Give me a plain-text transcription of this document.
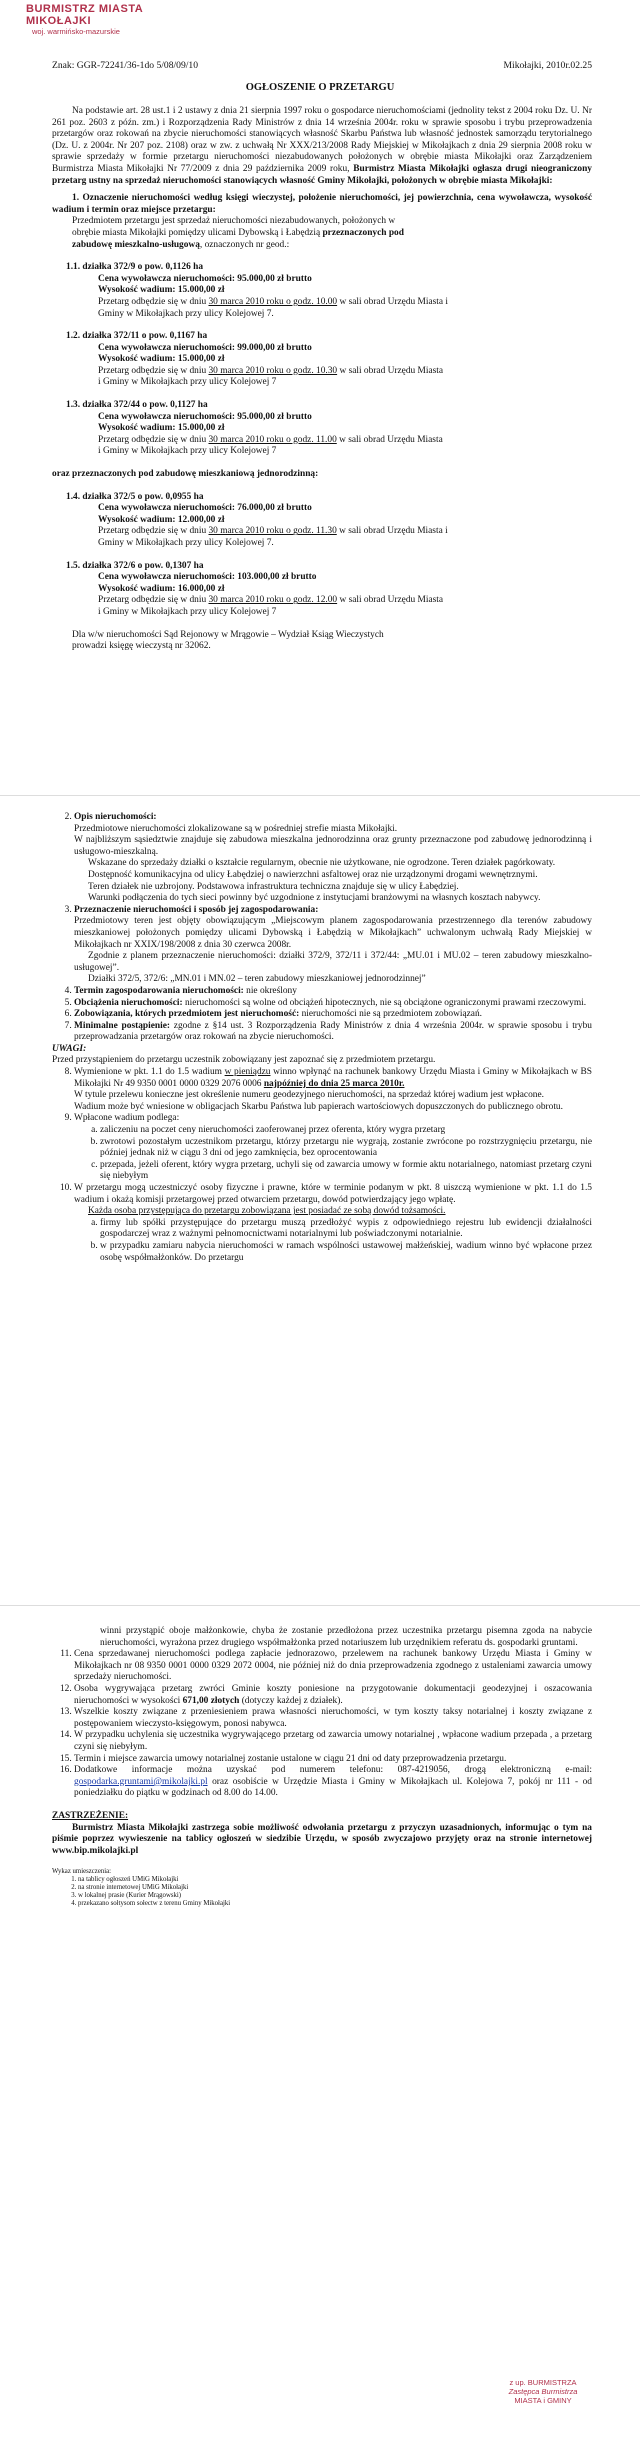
BURMISTRZ MIASTA MIKOŁAJKI
woj. warmińsko-mazurskie
Znak: GGR-72241/36-1do 5/08/09/10	Mikołajki, 2010r.02.25
OGŁOSZENIE O PRZETARGU

Na podstawie art. 28 ust.1 i 2 ustawy z dnia 21 sierpnia 1997 roku o gospodarce nieruchomościami (jednolity tekst z 2004 roku Dz. U. Nr 261 poz. 2603 z późn. zm.) i Rozporządzenia Rady Ministrów z dnia 14 września 2004r. roku w sprawie sposobu i trybu przeprowadzenia przetargów oraz rokowań na zbycie nieruchomości stanowiących własność Skarbu Państwa lub własność jednostek samorządu terytorialnego (Dz. U. z 2004r. Nr 207 poz. 2108) oraz w zw. z uchwałą Nr XXX/213/2008 Rady Miejskiej w Mikołajkach z dnia 29 sierpnia 2008 roku w sprawie sprzedaży w formie przetargu nieruchomości niezabudowanych położonych w obrębie miasta Mikołajki oraz Zarządzeniem Burmistrza Miasta Mikołajki Nr 77/2009 z dnia 29 października 2009 roku, Burmistrz Miasta Mikołajki ogłasza drugi nieograniczony przetarg ustny na sprzedaż nieruchomości stanowiących własność Gminy Mikołajki, położonych w obrębie miasta Mikołajki:

1. Oznaczenie nieruchomości według księgi wieczystej, położenie nieruchomości, jej powierzchnia, cena wywoławcza, wysokość wadium i termin oraz miejsce przetargu:

Przedmiotem przetargu jest sprzedaż nieruchomości niezabudowanych, położonych w

obrębie miasta Mikołajki pomiędzy ulicami Dybowską i Łabędzią przeznaczonych pod

zabudowę mieszkalno-usługową, oznaczonych nr geod.:

1.1. działka 372/9 o pow. 0,1126 ha

Cena wywoławcza nieruchomości: 95.000,00 zł brutto

Wysokość wadium: 15.000,00 zł

Przetarg odbędzie się w dniu 30 marca 2010 roku o godz. 10.00 w sali obrad Urzędu Miasta i

Gminy w Mikołajkach przy ulicy Kolejowej 7.

1.2. działka 372/11 o pow. 0,1167 ha

Cena wywoławcza nieruchomości: 99.000,00 zł brutto

Wysokość wadium: 15.000,00 zł

Przetarg odbędzie się w dniu 30 marca 2010 roku o godz. 10.30 w sali obrad Urzędu Miasta

i Gminy w Mikołajkach przy ulicy Kolejowej 7

1.3. działka 372/44 o pow. 0,1127 ha

Cena wywoławcza nieruchomości: 95.000,00 zł brutto

Wysokość wadium: 15.000,00 zł

Przetarg odbędzie się w dniu 30 marca 2010 roku o godz. 11.00 w sali obrad Urzędu Miasta

i Gminy w Mikołajkach przy ulicy Kolejowej 7

oraz przeznaczonych pod zabudowę mieszkaniową jednorodzinną:

1.4. działka 372/5 o pow. 0,0955 ha

Cena wywoławcza nieruchomości: 76.000,00 zł brutto

Wysokość wadium: 12.000,00 zł

Przetarg odbędzie się w dniu 30 marca 2010 roku o godz. 11.30 w sali obrad Urzędu Miasta i

Gminy w Mikołajkach przy ulicy Kolejowej 7.

1.5. działka 372/6 o pow. 0,1307 ha

Cena wywoławcza nieruchomości: 103.000,00 zł brutto

Wysokość wadium: 16.000,00 zł

Przetarg odbędzie się w dniu 30 marca 2010 roku o godz. 12.00 w sali obrad Urzędu Miasta

i Gminy w Mikołajkach przy ulicy Kolejowej 7

Dla w/w nieruchomości Sąd Rejonowy w Mrągowie – Wydział Ksiąg Wieczystych

prowadzi księgę wieczystą nr 32062.

2. Opis nieruchomości:

Przedmiotowe nieruchomości zlokalizowane są w pośredniej strefie miasta Mikołajki.

W najbliższym sąsiedztwie znajduje się zabudowa mieszkalna jednorodzinna oraz grunty przeznaczone pod zabudowę jednorodzinną i usługowo-mieszkalną.

Wskazane do sprzedaży działki o kształcie regularnym, obecnie nie użytkowane, nie ogrodzone. Teren działek pagórkowaty.

Dostępność komunikacyjna od ulicy Łabędziej o nawierzchni asfaltowej oraz nie urządzonymi drogami wewnętrznymi.

Teren działek nie uzbrojony. Podstawowa infrastruktura techniczna znajduje się w ulicy Łabędziej.

Warunki podłączenia do tych sieci powinny być uzgodnione z instytucjami branżowymi na własnych kosztach nabywcy.

3. Przeznaczenie nieruchomości i sposób jej zagospodarowania:

Przedmiotowy teren jest objęty obowiązującym „Miejscowym planem zagospodarowania przestrzennego dla terenów zabudowy mieszkaniowej położonych pomiędzy ulicami Dybowską i Łabędzią w Mikołajkach” uchwalonym uchwałą Rady Miejskiej w Mikołajkach nr XXIX/198/2008 z dnia 30 czerwca 2008r.

Zgodnie z planem przeznaczenie nieruchomości: działki 372/9, 372/11 i 372/44: „MU.01 i MU.02 – teren zabudowy mieszkalno-usługowej”.

Działki 372/5, 372/6: „MN.01 i MN.02 – teren zabudowy mieszkaniowej jednorodzinnej”

4. Termin zagospodarowania nieruchomości: nie określony
5. Obciążenia nieruchomości: nieruchomości są wolne od obciążeń hipotecznych, nie są obciążone ograniczonymi prawami rzeczowymi.
6. Zobowiązania, których przedmiotem jest nieruchomość: nieruchomości nie są przedmiotem zobowiązań.
7. Minimalne postąpienie: zgodne z §14 ust. 3 Rozporządzenia Rady Ministrów z dnia 4 września 2004r. w sprawie sposobu i trybu przeprowadzania przetargów oraz rokowań na zbycie nieruchomości.

UWAGI:

Przed przystąpieniem do przetargu uczestnik zobowiązany jest zapoznać się z przedmiotem przetargu.

8. Wymienione w pkt. 1.1 do 1.5 wadium w pieniądzu winno wpłynąć na rachunek bankowy Urzędu Miasta i Gminy w Mikołajkach w BS Mikołajki Nr 49 9350 0001 0000 0329 2076 0006 najpóźniej do dnia 25 marca 2010r.

W tytule przelewu konieczne jest określenie numeru geodezyjnego nieruchomości, na sprzedaż której wadium jest wpłacone.

Wadium może być wniesione w obligacjach Skarbu Państwa lub papierach wartościowych dopuszczonych do publicznego obrotu.

9. Wpłacone wadium podlega:
a. zaliczeniu na poczet ceny nieruchomości zaoferowanej przez oferenta, który wygra przetarg
b. zwrotowi pozostałym uczestnikom przetargu, którzy przetargu nie wygrają, zostanie zwrócone po rozstrzygnięciu przetargu, nie później jednak niż w ciągu 3 dni od jego zamknięcia, bez oprocentowania
c. przepada, jeżeli oferent, który wygra przetarg, uchyli się od zawarcia umowy w formie aktu notarialnego, natomiast przetarg czyni się niebyłym

10. W przetargu mogą uczestniczyć osoby fizyczne i prawne, które w terminie podanym w pkt. 8 uiszczą wymienione w pkt. 1.1 do 1.5 wadium i okażą komisji przetargowej przed otwarciem przetargu, dowód potwierdzający jego wpłatę.

Każda osoba przystępująca do przetargu zobowiązana jest posiadać ze sobą dowód tożsamości.

a. firmy lub spółki przystępujące do przetargu muszą przedłożyć wypis z odpowiedniego rejestru lub ewidencji działalności gospodarczej wraz z ważnymi pełnomocnictwami notarialnymi lub poświadczonymi notarialnie.
b. w przypadku zamiaru nabycia nieruchomości w ramach wspólności ustawowej małżeńskiej, wadium winno być wpłacone przez osobę współmałżonków. Do przetargu

winni przystąpić oboje małżonkowie, chyba że zostanie przedłożona przez uczestnika przetargu pisemna zgoda na nabycie nieruchomości, wyrażona przez drugiego współmałżonka przed notariuszem lub urzędnikiem referatu ds. gospodarki gruntami.

11. Cena sprzedawanej nieruchomości podlega zapłacie jednorazowo, przelewem na rachunek bankowy Urzędu Miasta i Gminy w Mikołajkach nr 08 9350 0001 0000 0329 2072 0004, nie później niż do dnia przeprowadzenia zgodnego z ustaleniami zawarcia umowy sprzedaży nieruchomości.
12. Osoba wygrywająca przetarg zwróci Gminie koszty poniesione na przygotowanie dokumentacji geodezyjnej i oszacowania nieruchomości w wysokości 671,00 złotych (dotyczy każdej z działek).
13. Wszelkie koszty związane z przeniesieniem prawa własności nieruchomości, w tym koszty taksy notarialnej i koszty związane z postępowaniem wieczysto-księgowym, ponosi nabywca.
14. W przypadku uchylenia się uczestnika wygrywającego przetarg od zawarcia umowy notarialnej , wpłacone wadium przepada , a przetarg czyni się niebyłym.
15. Termin i miejsce zawarcia umowy notarialnej zostanie ustalone w ciągu 21 dni od daty przeprowadzenia przetargu.
16. Dodatkowe informacje można uzyskać pod numerem telefonu: 087-4219056, drogą elektroniczną e-mail: gospodarka.gruntami@mikolajki.pl oraz osobiście w Urzędzie Miasta i Gminy w Mikołajkach ul. Kolejowa 7, pokój nr 111 - od poniedziałku do piątku w godzinach od 8.00 do 14.00.

ZASTRZEŻENIE:

Burmistrz Miasta Mikołajki zastrzega sobie możliwość odwołania przetargu z przyczyn uzasadnionych, informując o tym na piśmie poprzez wywieszenie na tablicy ogłoszeń w siedzibie Urzędu, w sposób zwyczajowo przyjęty oraz na stronie internetowej www.bip.mikolajki.pl

Wykaz umieszczenia:

1. na tablicy ogłoszeń UMiG Mikołajki
2. na stronie internetowej UMiG Mikołajki
3. w lokalnej prasie (Kurier Mrągowski)
4. przekazano sołtysom sołectw z terenu Gminy Mikołajki
z up. BURMISTRZA
Zastępca Burmistrza
MIASTA i GMINY
